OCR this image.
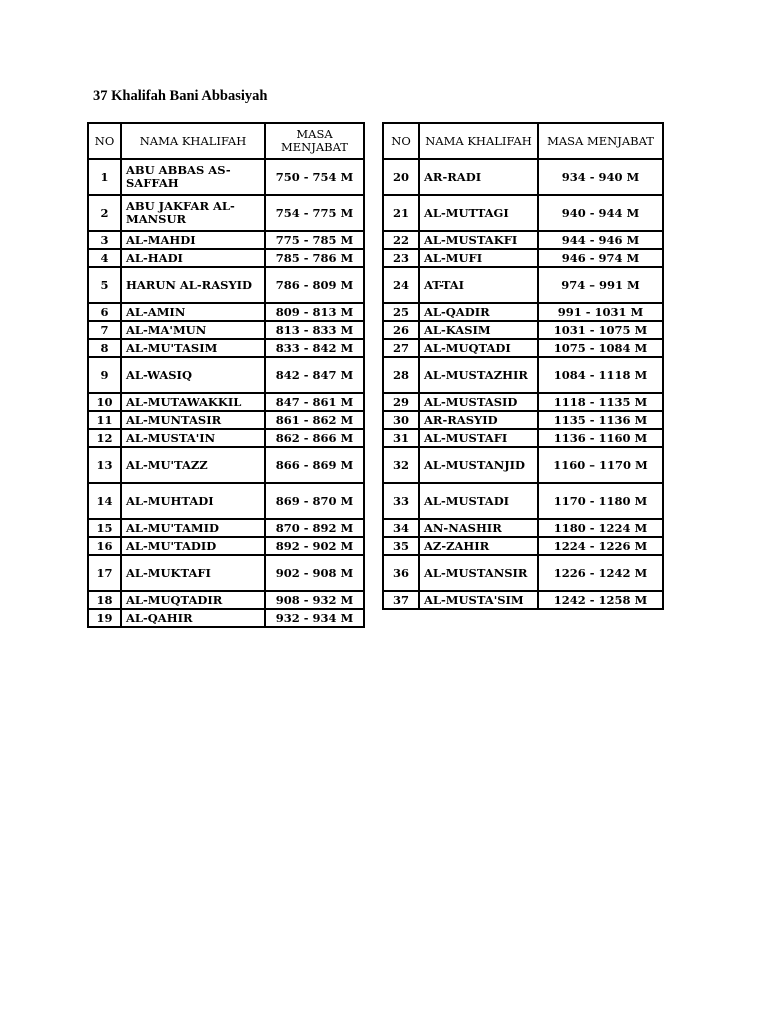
37 Khalifah Bani Abbasiyah
NO	NAMA KHALIFAH	MASA MENJABAT
1	ABU ABBAS AS-SAFFAH	750 - 754 M
2	ABU JAKFAR AL-MANSUR	754 - 775 M
3	AL-MAHDI	775 - 785 M
4	AL-HADI	785 - 786 M
5	HARUN AL-RASYID	786 - 809 M
6	AL-AMIN	809 - 813 M
7	AL-MA'MUN	813 - 833 M
8	AL-MU'TASIM	833 - 842 M
9	AL-WASIQ	842 - 847 M
10	AL-MUTAWAKKIL	847 - 861 M
11	AL-MUNTASIR	861 - 862 M
12	AL-MUSTA'IN	862 - 866 M
13	AL-MU'TAZZ	866 - 869 M
14	AL-MUHTADI	869 - 870 M
15	AL-MU'TAMID	870 - 892 M
16	AL-MU'TADID	892 - 902 M
17	AL-MUKTAFI	902 - 908 M
18	AL-MUQTADIR	908 - 932 M
19	AL-QAHIR	932 - 934 M
NO	NAMA KHALIFAH	MASA MENJABAT
20	AR-RADI	934 - 940 M
21	AL-MUTTAGI	940 - 944 M
22	AL-MUSTAKFI	944 - 946 M
23	AL-MUFI	946 - 974 M
24	AT-TAI	974 – 991 M
25	AL-QADIR	991 - 1031 M
26	AL-KASIM	1031 - 1075 M
27	AL-MUQTADI	1075 - 1084 M
28	AL-MUSTAZHIR	1084 - 1118 M
29	AL-MUSTASID	1118 - 1135 M
30	AR-RASYID	1135 - 1136 M
31	AL-MUSTAFI	1136 - 1160 M
32	AL-MUSTANJID	1160 – 1170 M
33	AL-MUSTADI	1170 - 1180 M
34	AN-NASHIR	1180 - 1224 M
35	AZ-ZAHIR	1224 - 1226 M
36	AL-MUSTANSIR	1226 - 1242 M
37	AL-MUSTA'SIM	1242 - 1258 M
